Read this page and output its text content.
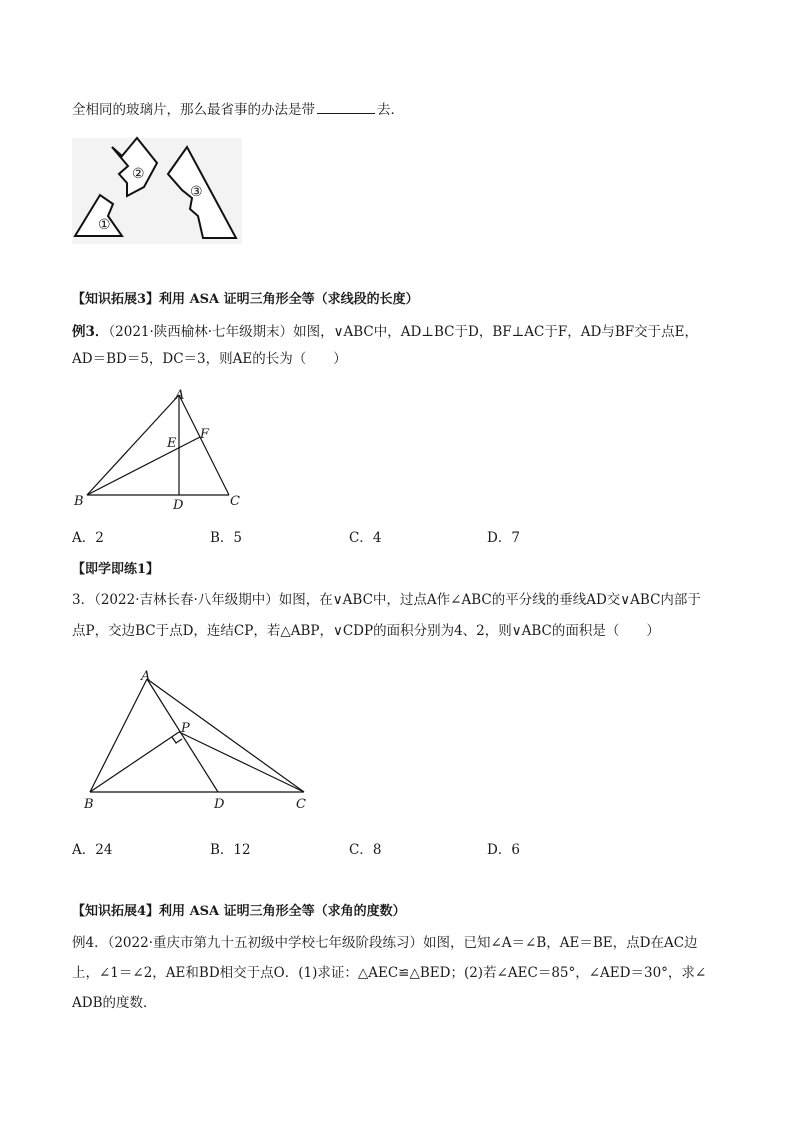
全相同的玻璃片，那么最省事的办法是带	去．
①
②
③
【知识拓展3】利用 ASA 证明三角形全等（求线段的长度）
例3．（2021·陕西榆林·七年级期末）如图，∨ABC中，AD⊥BC于D，BF⊥AC于F，AD与BF交于点E，
AD＝BD＝5，DC＝3，则AE的长为（　　）
A
B	C
D
E
F
A．2	B．5	C．4	D．7
【即学即练1】
3．（2022·吉林长春·八年级期中）如图，在∨ABC中，过点A作∠ABC的平分线的垂线AD交∨ABC内部于
点P，交边BC于点D，连结CP，若△ABP，∨CDP的面积分别为4、2，则∨ABC的面积是（　　）
A
B	C
D
P
A．24	B．12	C．8	D．6
【知识拓展4】利用 ASA 证明三角形全等（求角的度数）
例4．（2022·重庆市第九十五初级中学校七年级阶段练习）如图，已知∠A＝∠B，AE＝BE，点D在AC边
上，∠1＝∠2，AE和BD相交于点O．(1)求证：△AEC≌△BED；(2)若∠AEC＝85°，∠AED＝30°，求∠
ADB的度数．
